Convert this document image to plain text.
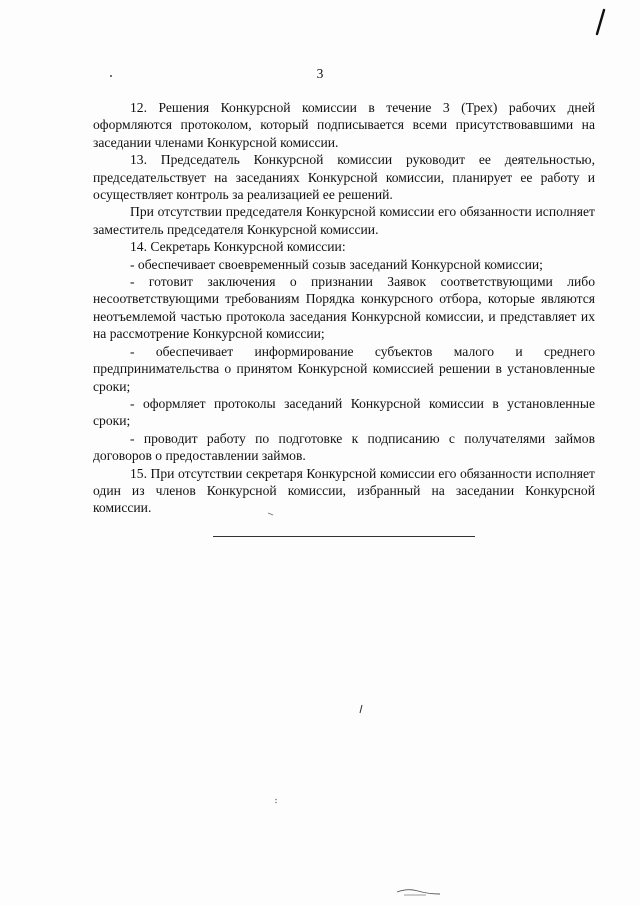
3

12. Решения Конкурсной комиссии в течение 3 (Трех) рабочих дней оформляются протоколом, который подписывается всеми присутствовавшими на заседании членами Конкурсной комиссии.

13. Председатель Конкурсной комиссии руководит ее деятельностью, председательствует на заседаниях Конкурсной комиссии, планирует ее работу и осуществляет контроль за реализацией ее решений.

При отсутствии председателя Конкурсной комиссии его обязанности исполняет заместитель председателя Конкурсной комиссии.

14. Секретарь Конкурсной комиссии:

- обеспечивает своевременный созыв заседаний Конкурсной комиссии;

- готовит заключения о признании Заявок соответствующими либо несоответствующими требованиям Порядка конкурсного отбора, которые являются неотъемлемой частью протокола заседания Конкурсной комиссии, и представляет их на рассмотрение Конкурсной комиссии;

- обеспечивает информирование субъектов малого и среднего предпринимательства о принятом Конкурсной комиссией решении в установленные сроки;

- оформляет протоколы заседаний Конкурсной комиссии в установленные сроки;

- проводит работу по подготовке к подписанию с получателями займов договоров о предоставлении займов.

15. При отсутствии секретаря Конкурсной комиссии его обязанности исполняет один из членов Конкурсной комиссии, избранный на заседании Конкурсной комиссии.
